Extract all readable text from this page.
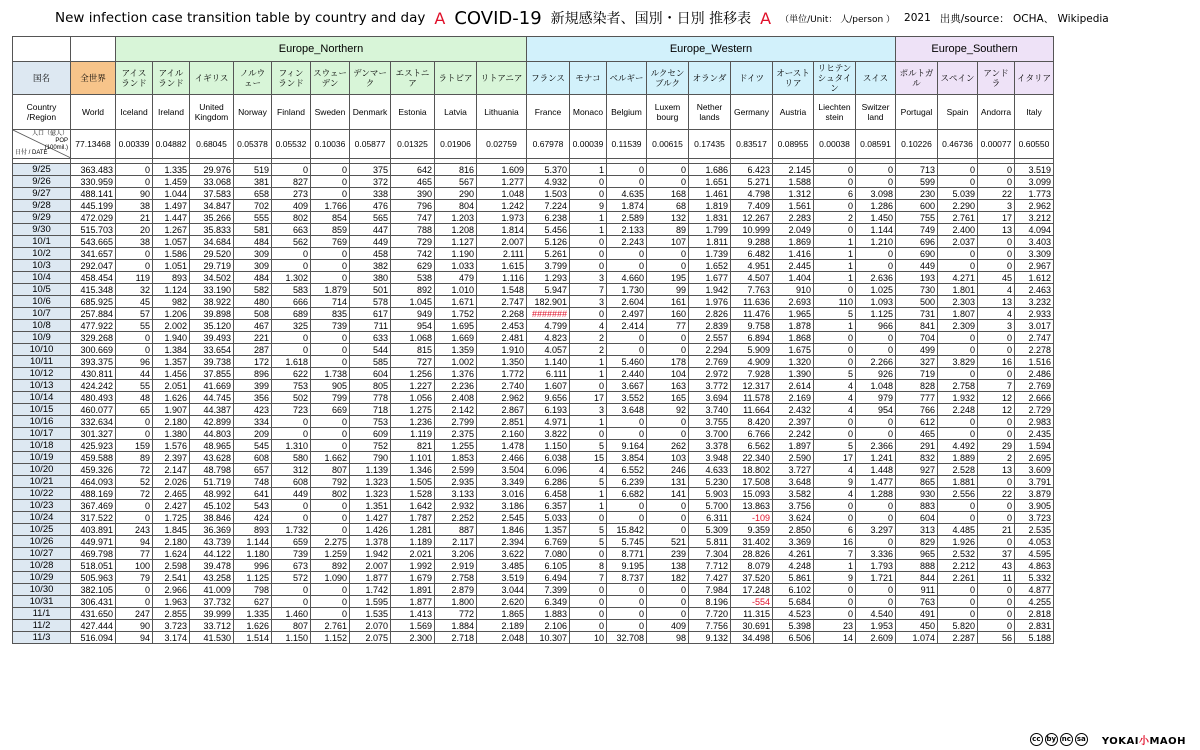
New infection case transition table by country and day A COVID-19 新規感染者、国別・日別 推移表 A （単位/Unit： 人/person ） 2021 出典/source： OCHA、 Wikipedia
		Europe_Northern										Europe_Western									Europe_Southern			
国名	全世界	アイス ランド	アイル ランド	イギリス	ノルウェー	フィン ランド	スウェー デン	デンマーク	エストニア	ラトビア	リトアニア	フランス	モナコ	ベルギー	ルクセン ブルク	オランダ	ドイツ	オースト リア	リヒテン シュタイン	スイス	ポルトガル	スペイン	アンドラ	イタリア
Country /Region	World	Iceland	Ireland	United Kingdom	Norway	Finland	Sweden	Denmark	Estonia	Latvia	Lithuania	France	Monaco	Belgium	Luxem bourg	Nether lands	Germany	Austria	Liechten stein	Switzer land	Portugal	Spain	Andorra	Italy

人口（億人） POP (100mil.)
日付 / DATE	77.13468	0.00339	0.04882	0.68045	0.05378	0.05532	0.10036	0.05877	0.01325	0.01906	0.02759	0.67978	0.00039	0.11539	0.00615	0.17435	0.83517	0.08955	0.00038	0.08591	0.10226	0.46736	0.00077	0.60550

9/25	363.483	0	1.335	29.976	519	0	0	375	642	816	1.609	5.370	1	0	0	1.686	6.423	2.145	0	0	713	0	0	3.519
9/26	330.959	0	1.459	33.068	381	827	0	372	465	567	1.277	4.932	0	0	0	1.651	5.271	1.588	0	0	599	0	0	3.099
9/27	488.141	90	1.044	37.583	658	273	0	338	390	290	1.048	1.503	0	4.635	168	1.461	4.798	1.312	6	3.098	230	5.039	22	1.773
9/28	445.199	38	1.497	34.847	702	409	1.766	476	796	804	1.242	7.224	9	1.874	68	1.819	7.409	1.561	0	1.286	600	2.290	3	2.962
9/29	472.029	21	1.447	35.266	555	802	854	565	747	1.203	1.973	6.238	1	2.589	132	1.831	12.267	2.283	2	1.450	755	2.761	17	3.212
9/30	515.703	20	1.267	35.833	581	663	859	447	788	1.208	1.814	5.456	1	2.133	89	1.799	10.999	2.049	0	1.144	749	2.400	13	4.094
10/1	543.665	38	1.057	34.684	484	562	769	449	729	1.127	2.007	5.126	0	2.243	107	1.811	9.288	1.869	1	1.210	696	2.037	0	3.403
10/2	341.657	0	1.586	29.520	309	0	0	458	742	1.190	2.111	5.261	0	0	0	1.739	6.482	1.416	1	0	690	0	0	3.309
10/3	292.047	0	1.051	29.719	309	0	0	382	629	1.033	1.615	3.799	0	0	0	1.652	4.951	2.445	1	0	449	0	0	2.967
10/4	458.454	119	893	34.502	484	1.302	0	380	538	479	1.116	1.293	3	4.660	195	1.677	4.507	1.404	1	2.636	193	4.271	45	1.612
10/5	415.348	32	1.124	33.190	582	583	1.879	501	892	1.010	1.548	5.947	7	1.730	99	1.942	7.763	910	0	1.025	730	1.801	4	2.463
10/6	685.925	45	982	38.922	480	666	714	578	1.045	1.671	2.747	182.901	3	2.604	161	1.976	11.636	2.693	110	1.093	500	2.303	13	3.232
10/7	257.884	57	1.206	39.898	508	689	835	617	949	1.752	2.268	#######	0	2.497	160	2.826	11.476	1.965	5	1.125	731	1.807	4	2.933
10/8	477.922	55	2.002	35.120	467	325	739	711	954	1.695	2.453	4.799	4	2.414	77	2.839	9.758	1.878	1	966	841	2.309	3	3.017
10/9	329.268	0	1.940	39.493	221	0	0	633	1.068	1.669	2.481	4.823	2	0	0	2.557	6.894	1.868	0	0	704	0	0	2.747
10/10	300.669	0	1.384	33.654	287	0	0	544	815	1.359	1.910	4.057	2	0	0	2.294	5.909	1.675	0	0	499	0	0	2.278
10/11	393.375	96	1.357	39.738	172	1.618	0	585	727	1.002	1.350	1.140	1	5.460	178	2.769	4.909	1.320	0	2.266	327	3.829	16	1.516
10/12	430.811	44	1.456	37.855	896	622	1.738	604	1.256	1.376	1.772	6.111	1	2.440	104	2.972	7.928	1.390	5	926	719	0	0	2.486
10/13	424.242	55	2.051	41.669	399	753	905	805	1.227	2.236	2.740	1.607	0	3.667	163	3.772	12.317	2.614	4	1.048	828	2.758	7	2.769
10/14	480.493	48	1.626	44.745	356	502	799	778	1.056	2.408	2.962	9.656	17	3.552	165	3.694	11.578	2.169	4	979	777	1.932	12	2.666
10/15	460.077	65	1.907	44.387	423	723	669	718	1.275	2.142	2.867	6.193	3	3.648	92	3.740	11.664	2.432	4	954	766	2.248	12	2.729
10/16	332.634	0	2.180	42.899	334	0	0	753	1.236	2.799	2.851	4.971	1	0	0	3.755	8.420	2.397	0	0	612	0	0	2.983
10/17	301.327	0	1.380	44.803	209	0	0	609	1.119	2.375	2.160	3.822	0	0	0	3.700	6.766	2.242	0	0	465	0	0	2.435
10/18	425.923	159	1.576	48.965	545	1.310	0	752	821	1.255	1.478	1.150	5	9.164	262	3.378	6.562	1.897	5	2.366	291	4.492	29	1.594
10/19	459.588	89	2.397	43.628	608	580	1.662	790	1.101	1.853	2.466	6.038	15	3.854	103	3.948	22.340	2.590	17	1.241	832	1.889	2	2.695
10/20	459.326	72	2.147	48.798	657	312	807	1.139	1.346	2.599	3.504	6.096	4	6.552	246	4.633	18.802	3.727	4	1.448	927	2.528	13	3.609
10/21	464.093	52	2.026	51.719	748	608	792	1.323	1.505	2.935	3.349	6.286	5	6.239	131	5.230	17.508	3.648	9	1.477	865	1.881	0	3.791
10/22	488.169	72	2.465	48.992	641	449	802	1.323	1.528	3.133	3.016	6.458	1	6.682	141	5.903	15.093	3.582	4	1.288	930	2.556	22	3.879
10/23	367.469	0	2.427	45.102	543	0	0	1.351	1.642	2.932	3.186	6.357	1	0	0	5.700	13.863	3.756	0	0	883	0	0	3.905
10/24	317.522	0	1.725	38.846	424	0	0	1.427	1.787	2.252	2.545	5.033	0	0	0	6.311	-109	3.624	0	0	604	0	0	3.723
10/25	403.891	243	1.845	36.369	893	1.732	0	1.426	1.281	887	1.846	1.357	5	15.842	0	5.309	9.359	2.850	6	3.297	313	4.485	21	2.535
10/26	449.971	94	2.180	43.739	1.144	659	2.275	1.378	1.189	2.117	2.394	6.769	5	5.745	521	5.811	31.402	3.369	16	0	829	1.926	0	4.053
10/27	469.798	77	1.624	44.122	1.180	739	1.259	1.942	2.021	3.206	3.622	7.080	0	8.771	239	7.304	28.826	4.261	7	3.336	965	2.532	37	4.595
10/28	518.051	100	2.598	39.478	996	673	892	2.007	1.992	2.919	3.485	6.105	8	9.195	138	7.712	8.079	4.248	1	1.793	888	2.212	43	4.863
10/29	505.963	79	2.541	43.258	1.125	572	1.090	1.877	1.679	2.758	3.519	6.494	7	8.737	182	7.427	37.520	5.861	9	1.721	844	2.261	11	5.332
10/30	382.105	0	2.966	41.009	798	0	0	1.742	1.891	2.879	3.044	7.399	0	0	0	7.984	17.248	6.102	0	0	911	0	0	4.877
10/31	306.431	0	1.963	37.732	627	0	0	1.595	1.877	1.800	2.620	6.349	0	0	0	8.196	-554	5.684	0	0	763	0	0	4.255
11/1	431.650	247	2.855	39.999	1.335	1.460	0	1.535	1.413	772	1.865	1.883	0	0	0	7.720	11.315	4.523	0	4.540	491	0	0	2.818
11/2	427.444	90	3.723	33.712	1.626	807	2.761	2.070	1.569	1.884	2.189	2.106	0	0	409	7.756	30.691	5.398	23	1.953	450	5.820	0	2.831
11/3	516.094	94	3.174	41.530	1.514	1.150	1.152	2.075	2.300	2.718	2.048	10.307	10	32.708	98	9.132	34.498	6.506	14	2.609	1.074	2.287	56	5.188
cc by nc sa YOKAI小MAOH
